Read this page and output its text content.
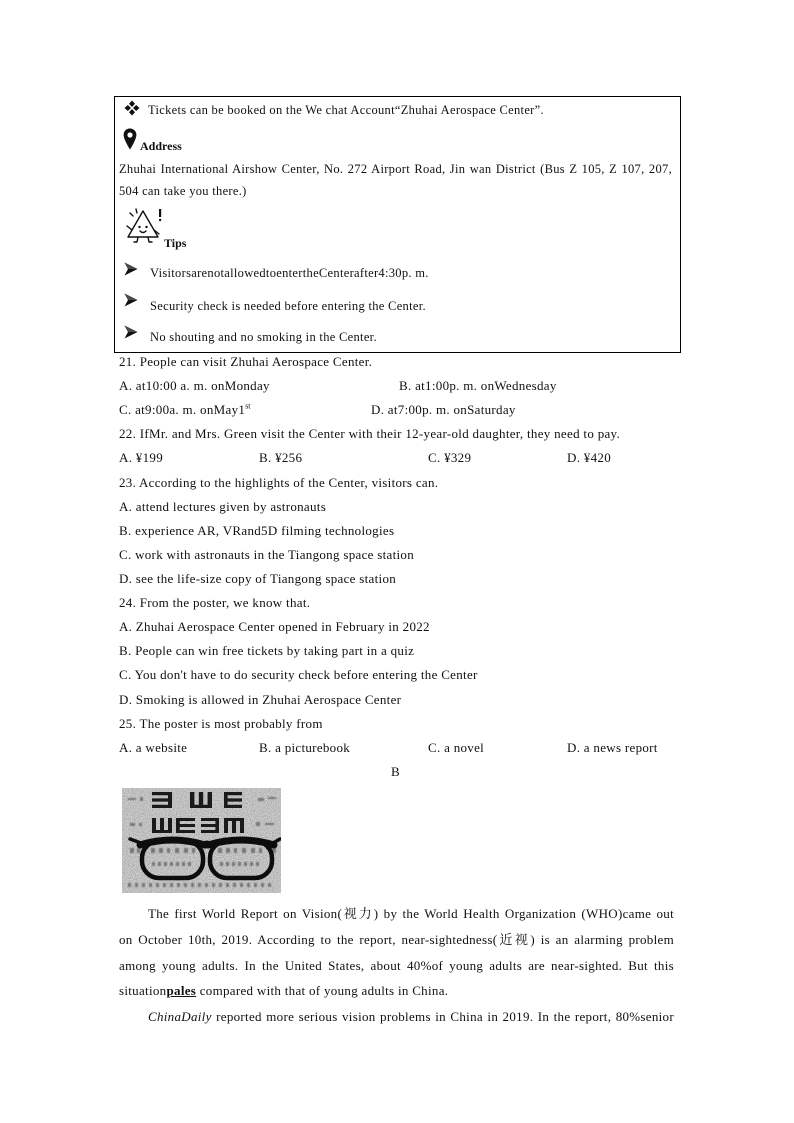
Tickets can be booked on the We chat Account“Zhuhai Aerospace Center”.
Address
Zhuhai International Airshow Center, No. 272 Airport Road, Jin wan District (Bus Z 105, Z 107, 207,
504 can take you there.)
Tips
VisitorsarenotallowedtoentertheCenterafter4:30p. m.
Security check is needed before entering the Center.
No shouting and no smoking in the Center.
21. People can visit Zhuhai Aerospace Center.
A. at10:00 a. m. onMonday	B. at1:00p. m. onWednesday
C. at9:00a. m. onMay1st	D. at7:00p. m. onSaturday
22. IfMr. and Mrs. Green visit the Center with their 12-year-old daughter, they need to pay.
A. ¥199	B. ¥256	C. ¥329	D. ¥420
23. According to the highlights of the Center, visitors can.
A. attend lectures given by astronauts
B. experience AR, VRand5D filming technologies
C. work with astronauts in the Tiangong space station
D. see the life-size copy of Tiangong space station
24. From the poster, we know that.
A. Zhuhai Aerospace Center opened in February in 2022
B. People can win free tickets by taking part in a quiz
C. You don't have to do security check before entering the Center
D. Smoking is allowed in Zhuhai Aerospace Center
25. The poster is most probably from
A. a website	B. a picturebook	C. a novel	D. a news report
B
The first World Report on Vision(视力) by the World Health Organization (WHO)came out
on October 10th, 2019. According to the report, near-sightedness(近视) is an alarming problem
among young adults. In the United States, about 40%of young adults are near-sighted. But this
situationpales compared with that of young adults in China.
ChinaDaily reported more serious vision problems in China in 2019. In the report, 80%senior
